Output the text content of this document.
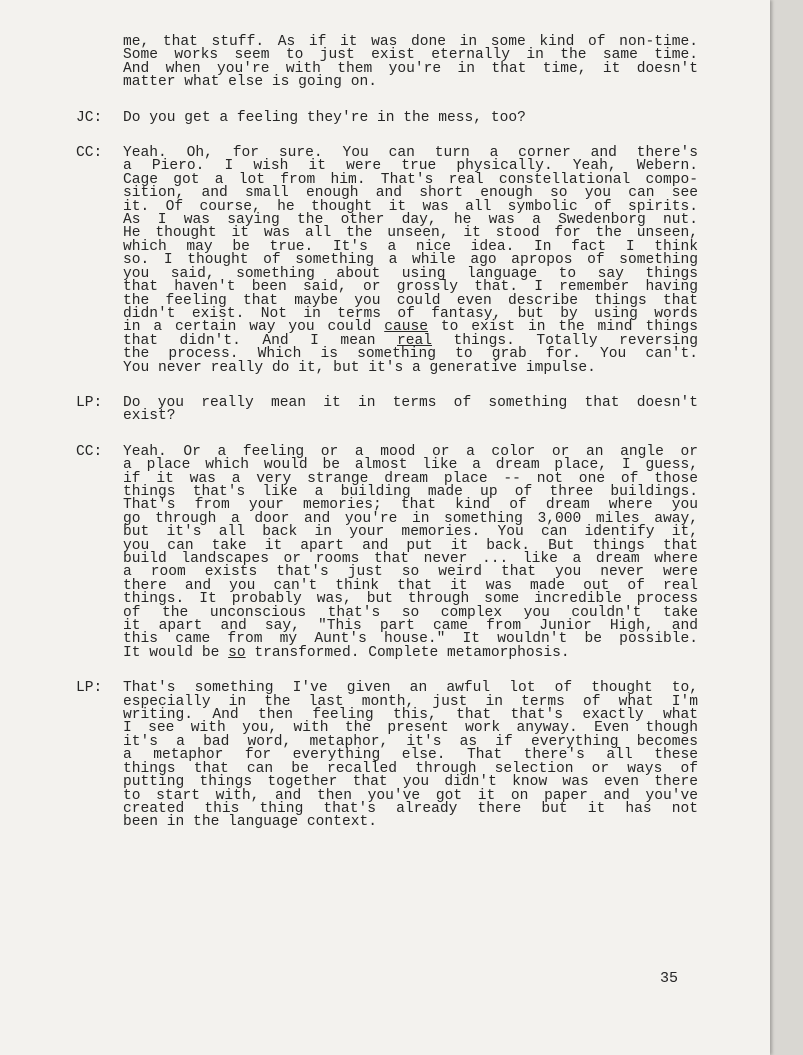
me, that stuff. As if it was done in some kind of non-time.
Some works seem to just exist eternally in the same time.
And when you're with them you're in that time, it doesn't
matter what else is going on.
JC: Do you get a feeling they're in the mess, too?
CC: Yeah. Oh, for sure. You can turn a corner and there's
a Piero. I wish it were true physically. Yeah, Webern.
Cage got a lot from him. That's real constellational compo-
sition, and small enough and short enough so you can see
it. Of course, he thought it was all symbolic of spirits.
As I was saying the other day, he was a Swedenborg nut.
He thought it was all the unseen, it stood for the unseen,
which may be true. It's a nice idea. In fact I think
so. I thought of something a while ago apropos of something
you said, something about using language to say things
that haven't been said, or grossly that. I remember having
the feeling that maybe you could even describe things that
didn't exist. Not in terms of fantasy, but by using words
in a certain way you could cause to exist in the mind things
that didn't. And I mean real things. Totally reversing
the process. Which is something to grab for. You can't.
You never really do it, but it's a generative impulse.
LP: Do you really mean it in terms of something that doesn't
exist?
CC: Yeah. Or a feeling or a mood or a color or an angle or
a place which would be almost like a dream place, I guess,
if it was a very strange dream place -- not one of those
things that's like a building made up of three buildings.
That's from your memories; that kind of dream where you
go through a door and you're in something 3,000 miles away,
but it's all back in your memories. You can identify it,
you can take it apart and put it back. But things that
build landscapes or rooms that never ... like a dream where
a room exists that's just so weird that you never were
there and you can't think that it was made out of real
things. It probably was, but through some incredible process
of the unconscious that's so complex you couldn't take
it apart and say, "This part came from Junior High, and
this came from my Aunt's house." It wouldn't be possible.
It would be so transformed. Complete metamorphosis.
LP: That's something I've given an awful lot of thought to,
especially in the last month, just in terms of what I'm
writing. And then feeling this, that that's exactly what
I see with you, with the present work anyway. Even though
it's a bad word, metaphor, it's as if everything becomes
a metaphor for everything else. That there's all these
things that can be recalled through selection or ways of
putting things together that you didn't know was even there
to start with, and then you've got it on paper and you've
created this thing that's already there but it has not
been in the language context.
35
